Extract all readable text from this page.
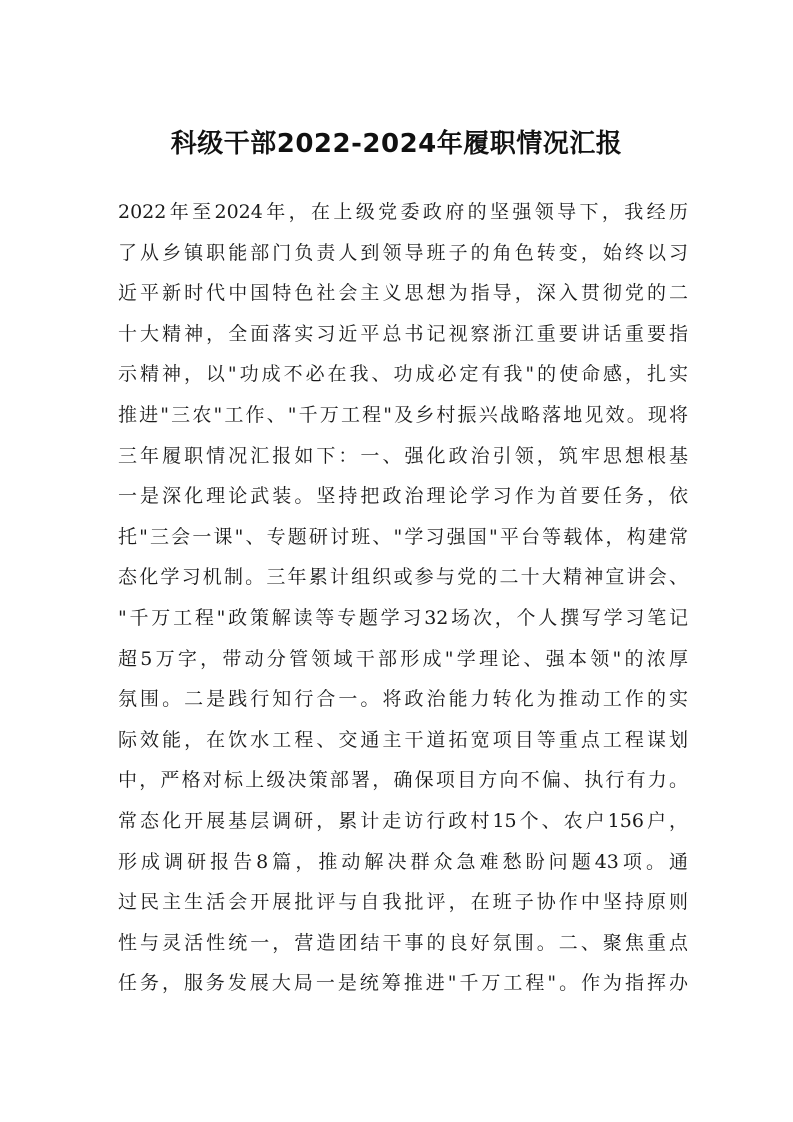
科级干部2022-2024年履职情况汇报
2022年至2024年，在上级党委政府的坚强领导下，我经历
了从乡镇职能部门负责人到领导班子的角色转变，始终以习
近平新时代中国特色社会主义思想为指导，深入贯彻党的二
十大精神，全面落实习近平总书记视察浙江重要讲话重要指
示精神，以"功成不必在我、功成必定有我"的使命感，扎实
推进"三农"工作、"千万工程"及乡村振兴战略落地见效。现将
三年履职情况汇报如下：一、强化政治引领，筑牢思想根基
一是深化理论武装。坚持把政治理论学习作为首要任务，依
托"三会一课"、专题研讨班、"学习强国"平台等载体，构建常
态化学习机制。三年累计组织或参与党的二十大精神宣讲会、
"千万工程"政策解读等专题学习32场次，个人撰写学习笔记
超5万字，带动分管领域干部形成"学理论、强本领"的浓厚
氛围。二是践行知行合一。将政治能力转化为推动工作的实
际效能，在饮水工程、交通主干道拓宽项目等重点工程谋划
中，严格对标上级决策部署，确保项目方向不偏、执行有力。
常态化开展基层调研，累计走访行政村15个、农户156户，
形成调研报告8篇，推动解决群众急难愁盼问题43项。通
过民主生活会开展批评与自我批评，在班子协作中坚持原则
性与灵活性统一，营造团结干事的良好氛围。二、聚焦重点
任务，服务发展大局一是统筹推进"千万工程"。作为指挥办
